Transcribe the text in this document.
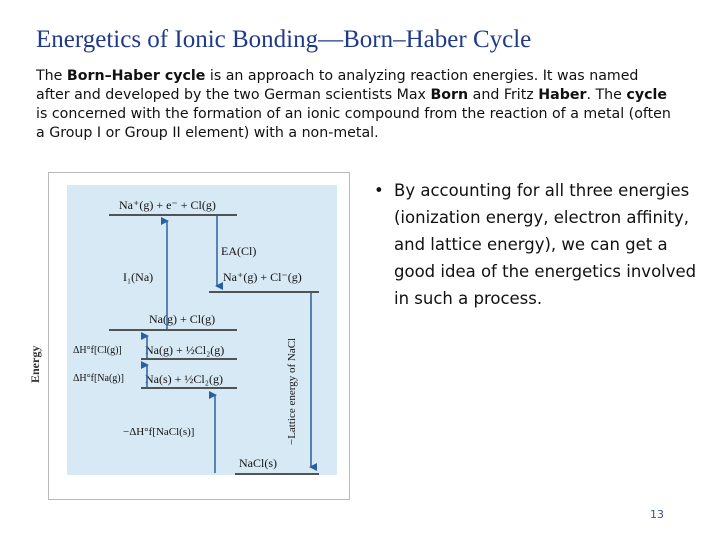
Energetics of Ionic Bonding—Born–Haber Cycle
The Born–Haber cycle is an approach to analyzing reaction energies. It was named after and developed by the two German scientists Max Born and Fritz Haber. The cycle is concerned with the formation of an ionic compound from the reaction of a metal (often a Group I or Group II element) with a non-metal.
Energy
Na⁺(g) + e⁻ + Cl(g)
Na⁺(g) + Cl⁻(g)
Na(g) + Cl(g)
Na(g) + ½Cl₂(g)
Na(s) + ½Cl₂(g)
NaCl(s)
I₁(Na)
EA(Cl)
ΔH°f[Cl(g)]
ΔH°f[Na(g)]
−ΔH°f[NaCl(s)]	−Lattice energy of NaCl
• By accounting for all three energies (ionization energy, electron affinity, and lattice energy), we can get a good idea of the energetics involved in such a process.
13
